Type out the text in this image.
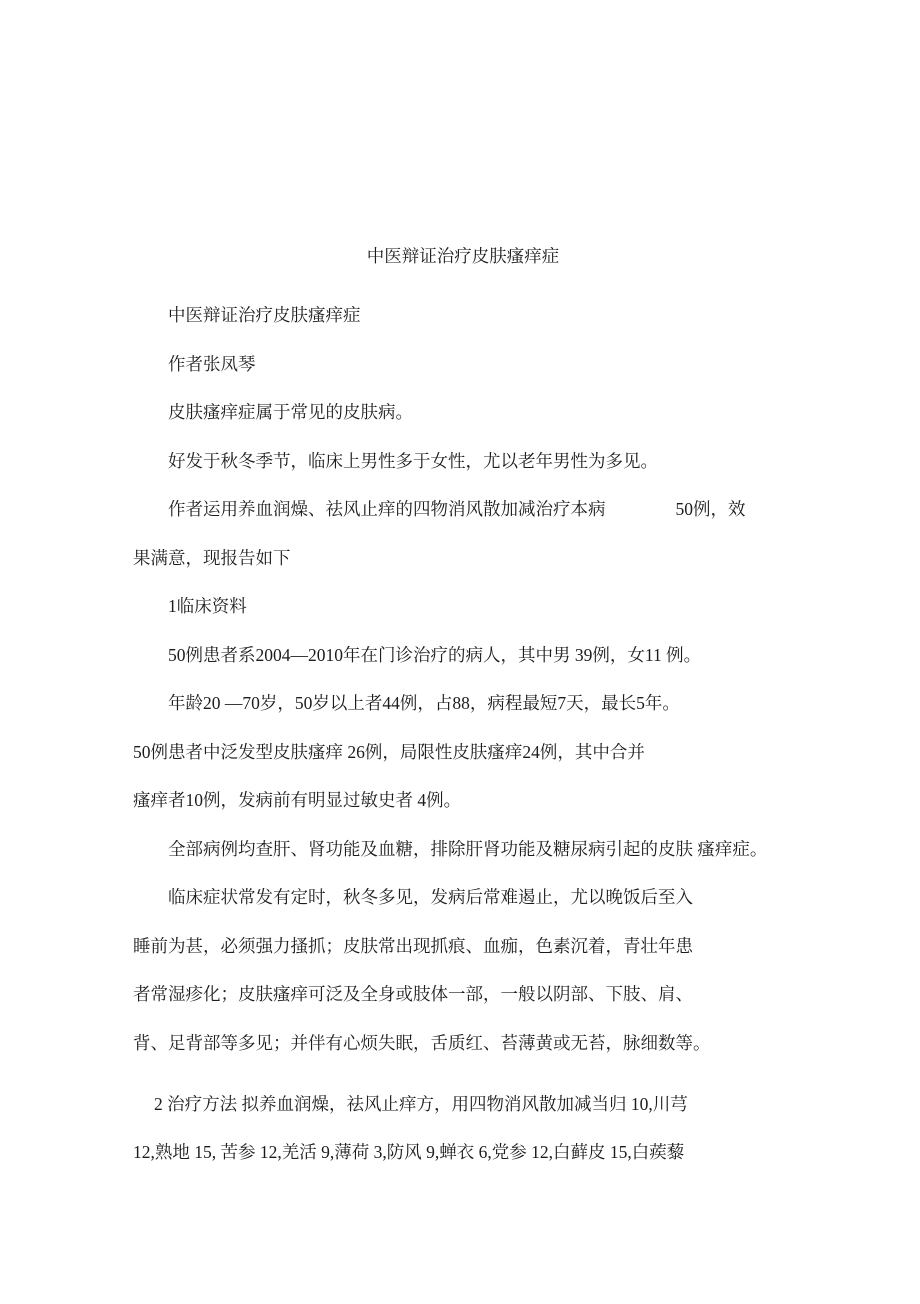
中医辩证治疗皮肤瘙痒症
中医辩证治疗皮肤瘙痒症
作者张凤琴
皮肤瘙痒症属于常见的皮肤病。
好发于秋冬季节，临床上男性多于女性，尤以老年男性为多见。
作者运用养血润燥、祛风止痒的四物消风散加减治疗本病　　　　50例，效
果满意，现报告如下
1临床资料
50例患者系2004—2010年在门诊治疗的病人，其中男 39例，女11 例。
年龄20 —70岁，50岁以上者44例，占88，病程最短7天，最长5年。
50例患者中泛发型皮肤瘙痒 26例，局限性皮肤瘙痒24例，其中合并
瘙痒者10例，发病前有明显过敏史者 4例。
全部病例均查肝、肾功能及血糖，排除肝肾功能及糖尿病引起的皮肤 瘙痒症。
临床症状常发有定时，秋冬多见，发病后常难遏止，尤以晚饭后至入
睡前为甚，必须强力搔抓；皮肤常出现抓痕、血痂，色素沉着，青壮年患
者常湿疹化；皮肤瘙痒可泛及全身或肢体一部，一般以阴部、下肢、肩、
背、足背部等多见；并伴有心烦失眠，舌质红、苔薄黄或无苔，脉细数等。
2 治疗方法 拟养血润燥，祛风止痒方，用四物消风散加减当归 10,川芎
12,熟地 15, 苦参 12,羌活 9,薄荷 3,防风 9,蝉衣 6,党参 12,白藓皮 15,白蒺藜
